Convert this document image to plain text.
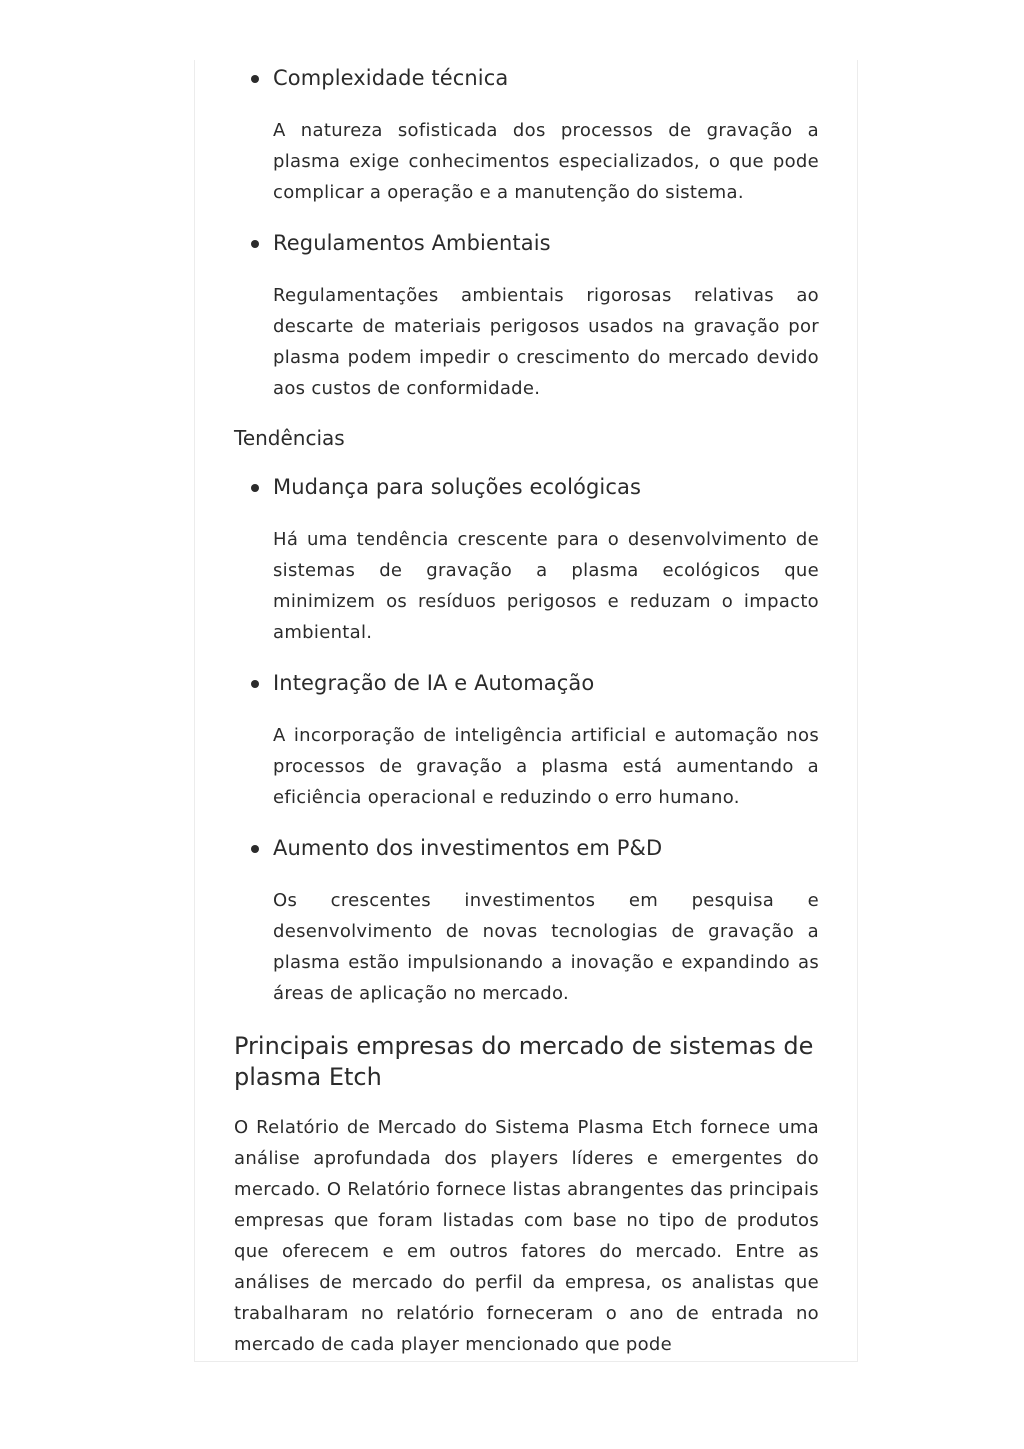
Complexidade técnica

A natureza sofisticada dos processos de gravação a plasma exige conhecimentos especializados, o que pode complicar a operação e a manutenção do sistema.

Regulamentos Ambientais

Regulamentações ambientais rigorosas relativas ao descarte de materiais perigosos usados na gravação por plasma podem impedir o crescimento do mercado devido aos custos de conformidade.

Tendências
Mudança para soluções ecológicas

Há uma tendência crescente para o desenvolvimento de sistemas de gravação a plasma ecológicos que minimizem os resíduos perigosos e reduzam o impacto ambiental.

Integração de IA e Automação

A incorporação de inteligência artificial e automação nos processos de gravação a plasma está aumentando a eficiência operacional e reduzindo o erro humano.

Aumento dos investimentos em P&D

Os crescentes investimentos em pesquisa e desenvolvimento de novas tecnologias de gravação a plasma estão impulsionando a inovação e expandindo as áreas de aplicação no mercado.

Principais empresas do mercado de sistemas de plasma Etch

O Relatório de Mercado do Sistema Plasma Etch fornece uma análise aprofundada dos players líderes e emergentes do mercado. O Relatório fornece listas abrangentes das principais empresas que foram listadas com base no tipo de produtos que oferecem e em outros fatores do mercado. Entre as análises de mercado do perfil da empresa, os analistas que trabalharam no relatório forneceram o ano de entrada no mercado de cada player mencionado que pode
